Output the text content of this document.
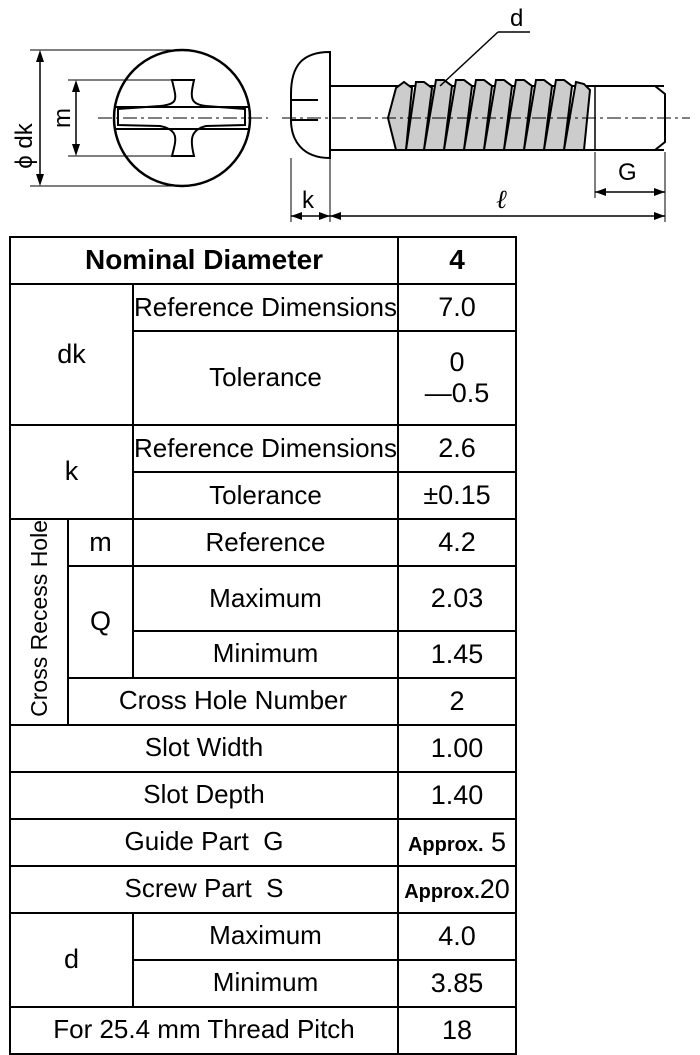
ϕ dk
m
d
k	ℓ
G
Nominal Diameter			4
dk		Reference Dimensions	7.0
		Tolerance	0
—0.5

k		Reference Dimensions	2.6
		Tolerance	±0.15
Cross Recess Hole	m	Reference	4.2
	Q	Maximum	2.03
		Minimum	1.45
	Cross Hole Number		2
Slot Width			1.00
Slot Depth			1.40
Guide Part G			Approx. 5
Screw Part S			Approx.20
d		Maximum	4.0
		Minimum	3.85
For 25.4 mm Thread Pitch			18
